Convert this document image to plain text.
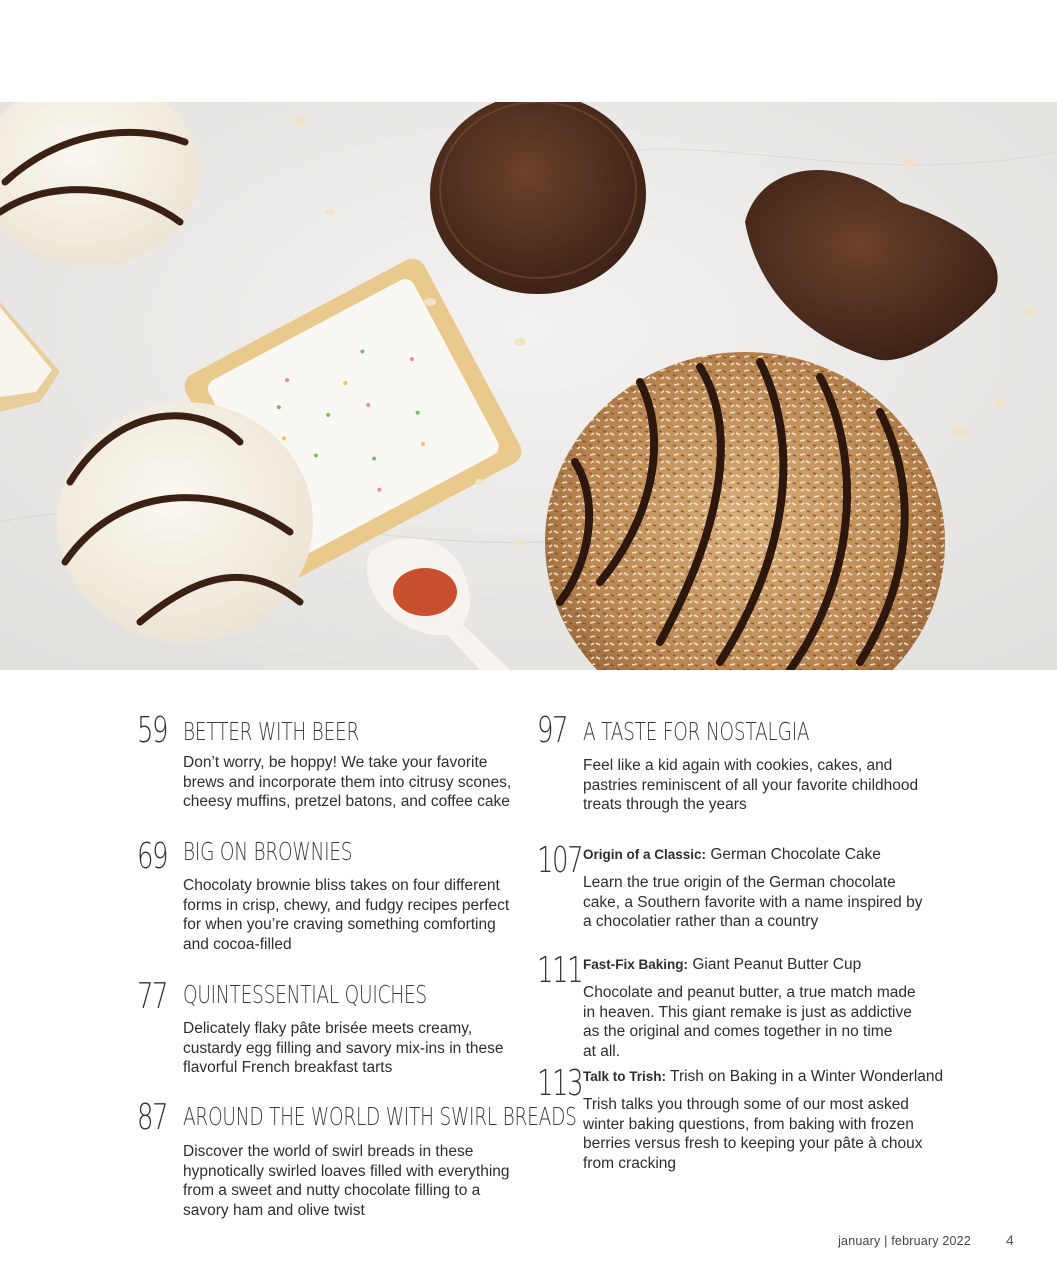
59 BETTER WITH BEER
Don’t worry, be hoppy! We take your favorite
brews and incorporate them into citrusy scones,
cheesy muffins, pretzel batons, and coffee cake
69 BIG ON BROWNIES
Chocolaty brownie bliss takes on four different
forms in crisp, chewy, and fudgy recipes perfect
for when you’re craving something comforting
and cocoa-filled
77 QUINTESSENTIAL QUICHES
Delicately flaky pâte brisée meets creamy,
custardy egg filling and savory mix-ins in these
flavorful French breakfast tarts
87 AROUND THE WORLD WITH SWIRL BREADS
Discover the world of swirl breads in these
hypnotically swirled loaves filled with everything
from a sweet and nutty chocolate filling to a
savory ham and olive twist
97 A TASTE FOR NOSTALGIA
Feel like a kid again with cookies, cakes, and
pastries reminiscent of all your favorite childhood
treats through the years
107 Origin of a Classic: German Chocolate Cake
Learn the true origin of the German chocolate
cake, a Southern favorite with a name inspired by
a chocolatier rather than a country
111 Fast-Fix Baking: Giant Peanut Butter Cup
Chocolate and peanut butter, a true match made
in heaven. This giant remake is just as addictive
as the original and comes together in no time
at all.
113 Talk to Trish: Trish on Baking in a Winter Wonderland
Trish talks you through some of our most asked
winter baking questions, from baking with frozen
berries versus fresh to keeping your pâte à choux
from cracking
january | february 2022	4
